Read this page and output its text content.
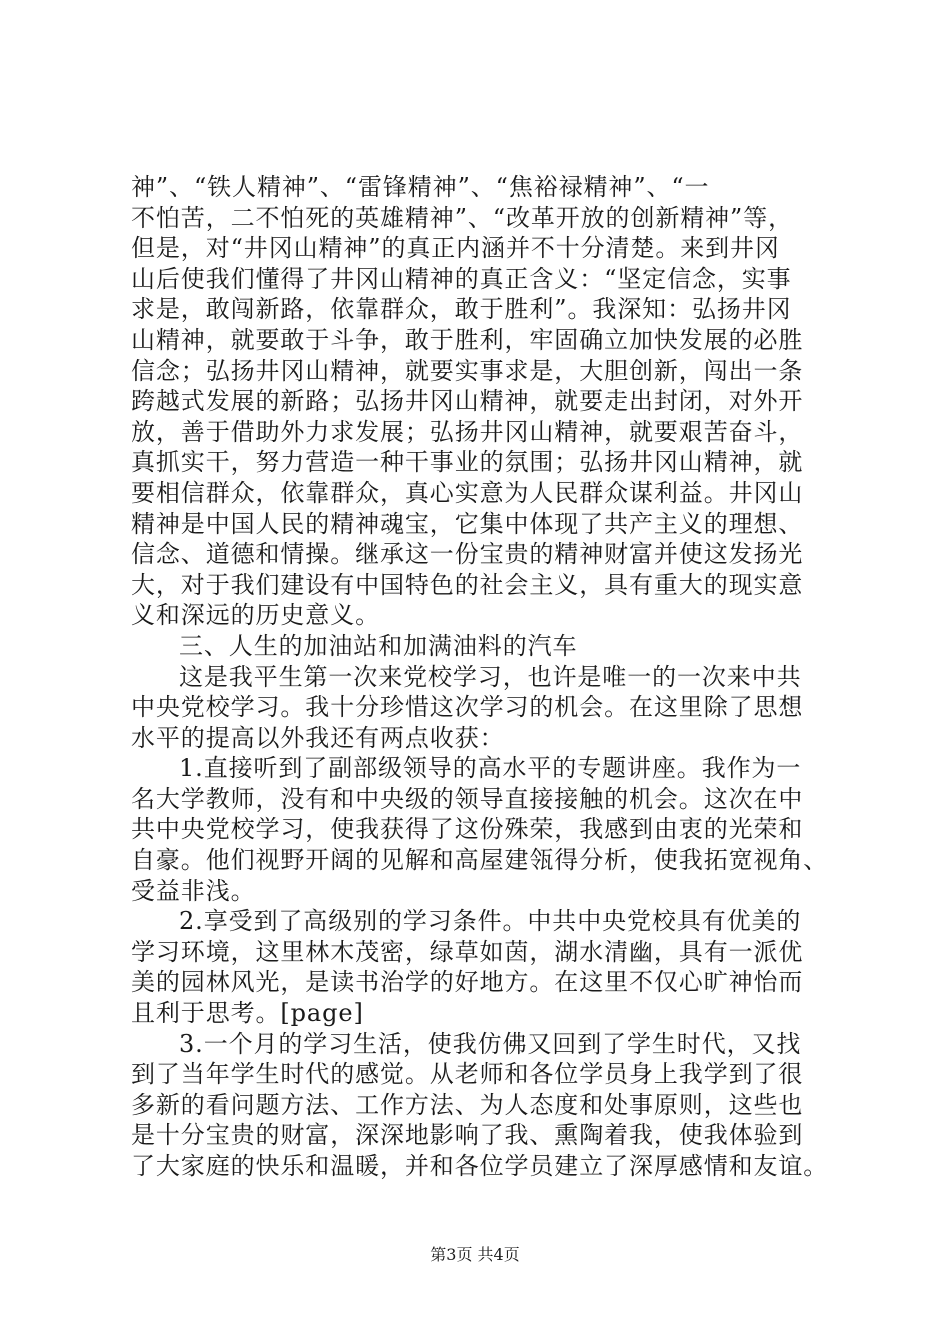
神”、“铁人精神”、“雷锋精神”、“焦裕禄精神”、“一
不怕苦，二不怕死的英雄精神”、“改革开放的创新精神”等，
但是，对“井冈山精神”的真正内涵并不十分清楚。来到井冈
山后使我们懂得了井冈山精神的真正含义：“坚定信念，实事
求是，敢闯新路，依靠群众，敢于胜利”。我深知：弘扬井冈
山精神，就要敢于斗争，敢于胜利，牢固确立加快发展的必胜
信念；弘扬井冈山精神，就要实事求是，大胆创新，闯出一条
跨越式发展的新路；弘扬井冈山精神，就要走出封闭，对外开
放，善于借助外力求发展；弘扬井冈山精神，就要艰苦奋斗，
真抓实干，努力营造一种干事业的氛围；弘扬井冈山精神，就
要相信群众，依靠群众，真心实意为人民群众谋利益。井冈山
精神是中国人民的精神魂宝，它集中体现了共产主义的理想、
信念、道德和情操。继承这一份宝贵的精神财富并使这发扬光
大，对于我们建设有中国特色的社会主义，具有重大的现实意
义和深远的历史意义。
三、人生的加油站和加满油料的汽车
这是我平生第一次来党校学习，也许是唯一的一次来中共
中央党校学习。我十分珍惜这次学习的机会。在这里除了思想
水平的提高以外我还有两点收获：
1.直接听到了副部级领导的高水平的专题讲座。我作为一
名大学教师，没有和中央级的领导直接接触的机会。这次在中
共中央党校学习，使我获得了这份殊荣，我感到由衷的光荣和
自豪。他们视野开阔的见解和高屋建瓴得分析，使我拓宽视角、
受益非浅。
2.享受到了高级别的学习条件。中共中央党校具有优美的
学习环境，这里林木茂密，绿草如茵，湖水清幽，具有一派优
美的园林风光，是读书治学的好地方。在这里不仅心旷神怡而
且利于思考。[page]
3.一个月的学习生活，使我仿佛又回到了学生时代，又找
到了当年学生时代的感觉。从老师和各位学员身上我学到了很
多新的看问题方法、工作方法、为人态度和处事原则，这些也
是十分宝贵的财富，深深地影响了我、熏陶着我，使我体验到
了大家庭的快乐和温暖，并和各位学员建立了深厚感情和友谊。
第3页 共4页
